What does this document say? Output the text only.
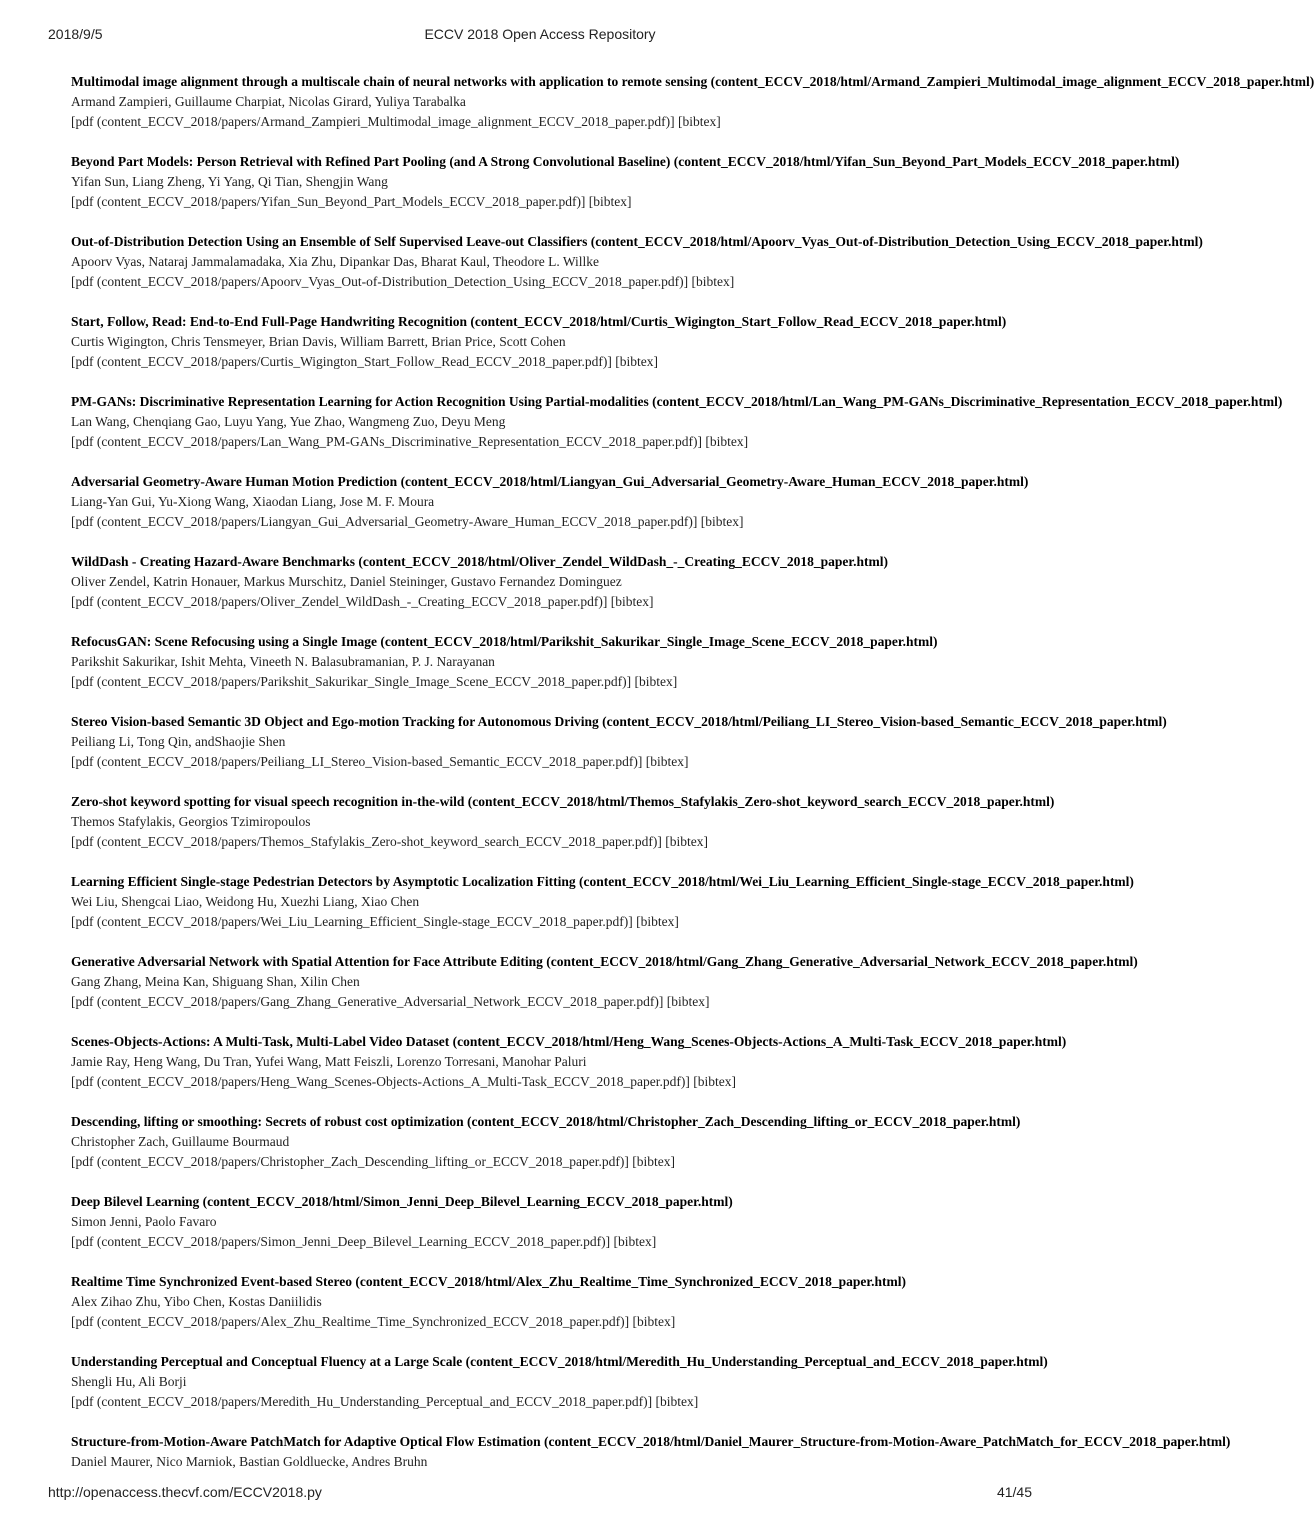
2018/9/5	ECCV 2018 Open Access Repository
Multimodal image alignment through a multiscale chain of neural networks with application to remote sensing (content_ECCV_2018/html/Armand_Zampieri_Multimodal_image_alignment_ECCV_2018_paper.html)
Armand Zampieri, Guillaume Charpiat, Nicolas Girard, Yuliya Tarabalka
[pdf (content_ECCV_2018/papers/Armand_Zampieri_Multimodal_image_alignment_ECCV_2018_paper.pdf)] [bibtex]
Beyond Part Models: Person Retrieval with Refined Part Pooling (and A Strong Convolutional Baseline) (content_ECCV_2018/html/Yifan_Sun_Beyond_Part_Models_ECCV_2018_paper.html)
Yifan Sun, Liang Zheng, Yi Yang, Qi Tian, Shengjin Wang
[pdf (content_ECCV_2018/papers/Yifan_Sun_Beyond_Part_Models_ECCV_2018_paper.pdf)] [bibtex]
Out-of-Distribution Detection Using an Ensemble of Self Supervised Leave-out Classifiers (content_ECCV_2018/html/Apoorv_Vyas_Out-of-Distribution_Detection_Using_ECCV_2018_paper.html)
Apoorv Vyas, Nataraj Jammalamadaka, Xia Zhu, Dipankar Das, Bharat Kaul, Theodore L. Willke
[pdf (content_ECCV_2018/papers/Apoorv_Vyas_Out-of-Distribution_Detection_Using_ECCV_2018_paper.pdf)] [bibtex]
Start, Follow, Read: End-to-End Full-Page Handwriting Recognition (content_ECCV_2018/html/Curtis_Wigington_Start_Follow_Read_ECCV_2018_paper.html)
Curtis Wigington, Chris Tensmeyer, Brian Davis, William Barrett, Brian Price, Scott Cohen
[pdf (content_ECCV_2018/papers/Curtis_Wigington_Start_Follow_Read_ECCV_2018_paper.pdf)] [bibtex]
PM-GANs: Discriminative Representation Learning for Action Recognition Using Partial-modalities (content_ECCV_2018/html/Lan_Wang_PM-GANs_Discriminative_Representation_ECCV_2018_paper.html)
Lan Wang, Chenqiang Gao, Luyu Yang, Yue Zhao, Wangmeng Zuo, Deyu Meng
[pdf (content_ECCV_2018/papers/Lan_Wang_PM-GANs_Discriminative_Representation_ECCV_2018_paper.pdf)] [bibtex]
Adversarial Geometry-Aware Human Motion Prediction (content_ECCV_2018/html/Liangyan_Gui_Adversarial_Geometry-Aware_Human_ECCV_2018_paper.html)
Liang-Yan Gui, Yu-Xiong Wang, Xiaodan Liang, Jose M. F. Moura
[pdf (content_ECCV_2018/papers/Liangyan_Gui_Adversarial_Geometry-Aware_Human_ECCV_2018_paper.pdf)] [bibtex]
WildDash - Creating Hazard-Aware Benchmarks (content_ECCV_2018/html/Oliver_Zendel_WildDash_-_Creating_ECCV_2018_paper.html)
Oliver Zendel, Katrin Honauer, Markus Murschitz, Daniel Steininger, Gustavo Fernandez Dominguez
[pdf (content_ECCV_2018/papers/Oliver_Zendel_WildDash_-_Creating_ECCV_2018_paper.pdf)] [bibtex]
RefocusGAN: Scene Refocusing using a Single Image (content_ECCV_2018/html/Parikshit_Sakurikar_Single_Image_Scene_ECCV_2018_paper.html)
Parikshit Sakurikar, Ishit Mehta, Vineeth N. Balasubramanian, P. J. Narayanan
[pdf (content_ECCV_2018/papers/Parikshit_Sakurikar_Single_Image_Scene_ECCV_2018_paper.pdf)] [bibtex]
Stereo Vision-based Semantic 3D Object and Ego-motion Tracking for Autonomous Driving (content_ECCV_2018/html/Peiliang_LI_Stereo_Vision-based_Semantic_ECCV_2018_paper.html)
Peiliang Li, Tong Qin, andShaojie Shen
[pdf (content_ECCV_2018/papers/Peiliang_LI_Stereo_Vision-based_Semantic_ECCV_2018_paper.pdf)] [bibtex]
Zero-shot keyword spotting for visual speech recognition in-the-wild (content_ECCV_2018/html/Themos_Stafylakis_Zero-shot_keyword_search_ECCV_2018_paper.html)
Themos Stafylakis, Georgios Tzimiropoulos
[pdf (content_ECCV_2018/papers/Themos_Stafylakis_Zero-shot_keyword_search_ECCV_2018_paper.pdf)] [bibtex]
Learning Efficient Single-stage Pedestrian Detectors by Asymptotic Localization Fitting (content_ECCV_2018/html/Wei_Liu_Learning_Efficient_Single-stage_ECCV_2018_paper.html)
Wei Liu, Shengcai Liao, Weidong Hu, Xuezhi Liang, Xiao Chen
[pdf (content_ECCV_2018/papers/Wei_Liu_Learning_Efficient_Single-stage_ECCV_2018_paper.pdf)] [bibtex]
Generative Adversarial Network with Spatial Attention for Face Attribute Editing (content_ECCV_2018/html/Gang_Zhang_Generative_Adversarial_Network_ECCV_2018_paper.html)
Gang Zhang, Meina Kan, Shiguang Shan, Xilin Chen
[pdf (content_ECCV_2018/papers/Gang_Zhang_Generative_Adversarial_Network_ECCV_2018_paper.pdf)] [bibtex]
Scenes-Objects-Actions: A Multi-Task, Multi-Label Video Dataset (content_ECCV_2018/html/Heng_Wang_Scenes-Objects-Actions_A_Multi-Task_ECCV_2018_paper.html)
Jamie Ray, Heng Wang, Du Tran, Yufei Wang, Matt Feiszli, Lorenzo Torresani, Manohar Paluri
[pdf (content_ECCV_2018/papers/Heng_Wang_Scenes-Objects-Actions_A_Multi-Task_ECCV_2018_paper.pdf)] [bibtex]
Descending, lifting or smoothing: Secrets of robust cost optimization (content_ECCV_2018/html/Christopher_Zach_Descending_lifting_or_ECCV_2018_paper.html)
Christopher Zach, Guillaume Bourmaud
[pdf (content_ECCV_2018/papers/Christopher_Zach_Descending_lifting_or_ECCV_2018_paper.pdf)] [bibtex]
Deep Bilevel Learning (content_ECCV_2018/html/Simon_Jenni_Deep_Bilevel_Learning_ECCV_2018_paper.html)
Simon Jenni, Paolo Favaro
[pdf (content_ECCV_2018/papers/Simon_Jenni_Deep_Bilevel_Learning_ECCV_2018_paper.pdf)] [bibtex]
Realtime Time Synchronized Event-based Stereo (content_ECCV_2018/html/Alex_Zhu_Realtime_Time_Synchronized_ECCV_2018_paper.html)
Alex Zihao Zhu, Yibo Chen, Kostas Daniilidis
[pdf (content_ECCV_2018/papers/Alex_Zhu_Realtime_Time_Synchronized_ECCV_2018_paper.pdf)] [bibtex]
Understanding Perceptual and Conceptual Fluency at a Large Scale (content_ECCV_2018/html/Meredith_Hu_Understanding_Perceptual_and_ECCV_2018_paper.html)
Shengli Hu, Ali Borji
[pdf (content_ECCV_2018/papers/Meredith_Hu_Understanding_Perceptual_and_ECCV_2018_paper.pdf)] [bibtex]
Structure-from-Motion-Aware PatchMatch for Adaptive Optical Flow Estimation (content_ECCV_2018/html/Daniel_Maurer_Structure-from-Motion-Aware_PatchMatch_for_ECCV_2018_paper.html)
Daniel Maurer, Nico Marniok, Bastian Goldluecke, Andres Bruhn
http://openaccess.thecvf.com/ECCV2018.py	41/45
